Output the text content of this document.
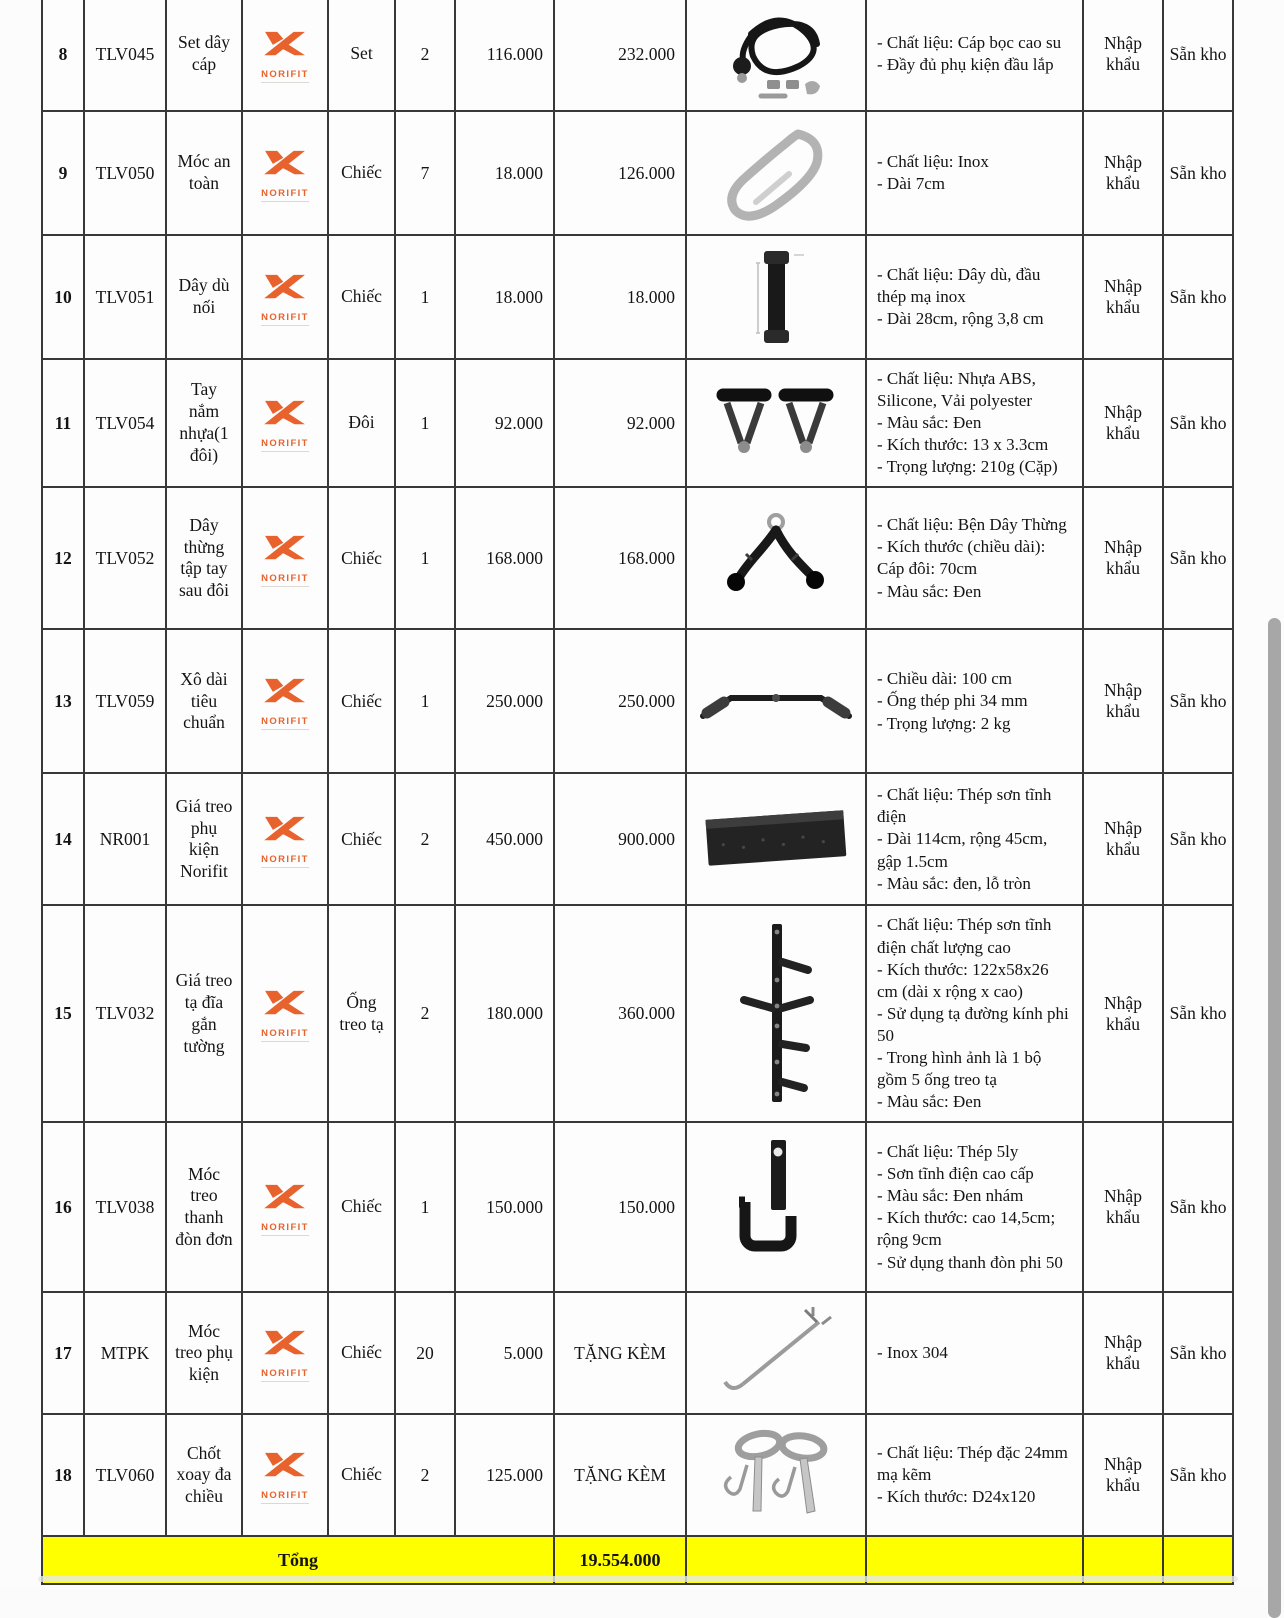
8	TLV045	Set dây cáp	NORIFIT	Set	2	116.000	232.000		- Chất liệu: Cáp bọc cao su
- Đầy đủ phụ kiện đầu lắp	Nhập khẩu	Sẵn kho
9	TLV050	Móc an toàn	NORIFIT	Chiếc	7	18.000	126.000		- Chất liệu: Inox
- Dài 7cm	Nhập khẩu	Sẵn kho
10	TLV051	Dây dù nối	NORIFIT	Chiếc	1	18.000	18.000		- Chất liệu: Dây dù, đầu thép mạ inox
- Dài 28cm, rộng 3,8 cm	Nhập khẩu	Sẵn kho
11	TLV054	Tay nắm nhựa(1 đôi)	NORIFIT	Đôi	1	92.000	92.000		- Chất liệu: Nhựa ABS, Silicone, Vải polyester
- Màu sắc: Đen
- Kích thước: 13 x 3.3cm
- Trọng lượng: 210g (Cặp)	Nhập khẩu	Sẵn kho
12	TLV052	Dây thừng tập tay sau đôi	NORIFIT	Chiếc	1	168.000	168.000		- Chất liệu: Bện Dây Thừng
- Kích thước (chiều dài): Cáp đôi: 70cm
- Màu sắc: Đen	Nhập khẩu	Sẵn kho
13	TLV059	Xô dài tiêu chuẩn	NORIFIT	Chiếc	1	250.000	250.000		- Chiều dài: 100 cm
- Ống thép phi 34 mm
- Trọng lượng: 2 kg	Nhập khẩu	Sẵn kho
14	NR001	Giá treo phụ kiện Norifit	NORIFIT	Chiếc	2	450.000	900.000		- Chất liệu: Thép sơn tĩnh điện
- Dài 114cm, rộng 45cm, gập 1.5cm
- Màu sắc: đen, lỗ tròn	Nhập khẩu	Sẵn kho
15	TLV032	Giá treo tạ đĩa gắn tường	NORIFIT	Ống treo tạ	2	180.000	360.000		- Chất liệu: Thép sơn tĩnh điện chất lượng cao
- Kích thước: 122x58x26 cm (dài x rộng x cao)
- Sử dụng tạ đường kính phi 50
- Trong hình ảnh là 1 bộ gồm 5 ống treo tạ
- Màu sắc: Đen	Nhập khẩu	Sẵn kho
16	TLV038	Móc treo thanh đòn đơn	NORIFIT	Chiếc	1	150.000	150.000		- Chất liệu: Thép 5ly
- Sơn tĩnh điện cao cấp
- Màu sắc: Đen nhám
- Kích thước: cao 14,5cm; rộng 9cm
- Sử dụng thanh đòn phi 50	Nhập khẩu	Sẵn kho
17	MTPK	Móc treo phụ kiện	NORIFIT	Chiếc	20	5.000	TẶNG KÈM		- Inox 304	Nhập khẩu	Sẵn kho
18	TLV060	Chốt xoay đa chiều	NORIFIT	Chiếc	2	125.000	TẶNG KÈM		- Chất liệu: Thép đặc 24mm mạ kẽm
- Kích thước: D24x120	Nhập khẩu	Sẵn kho
Tổng							19.554.000				
